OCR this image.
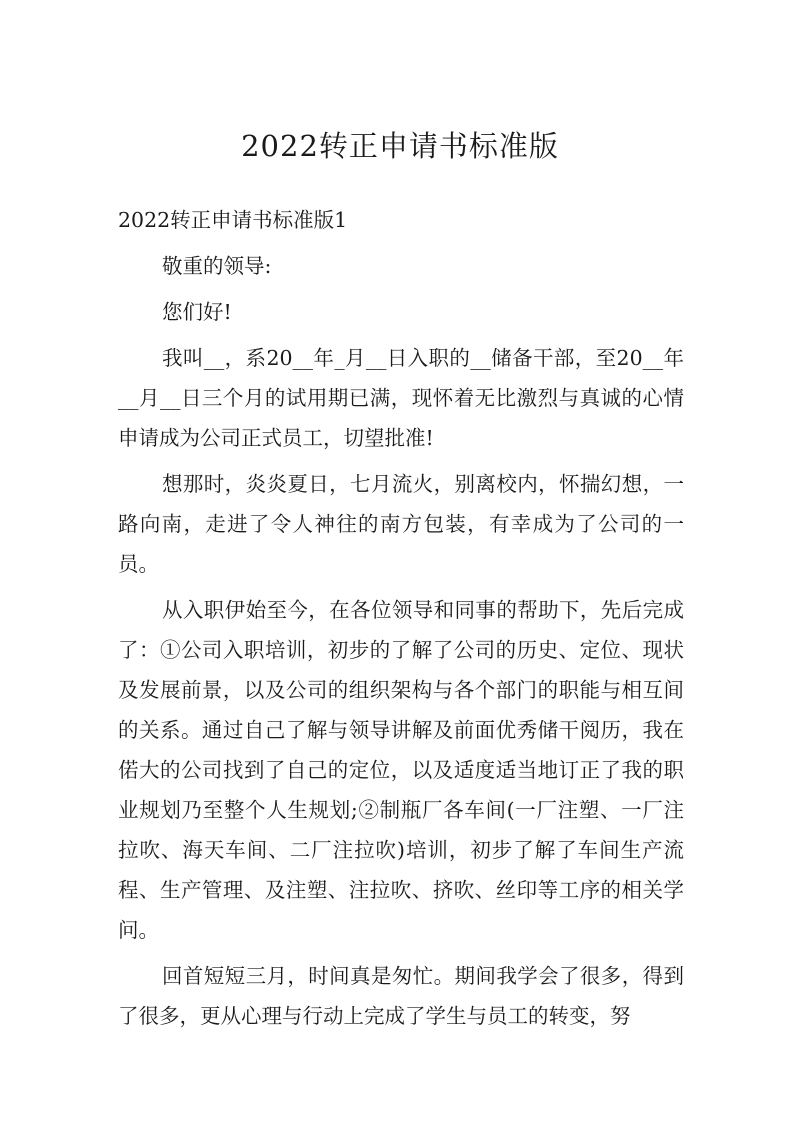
2022转正申请书标准版

2022转正申请书标准版1

敬重的领导:

您们好!

我叫__，系20__年_月__日入职的__储备干部，至20__年__月__日三个月的试用期已满，现怀着无比激烈与真诚的心情申请成为公司正式员工，切望批准!

想那时，炎炎夏日，七月流火，别离校内，怀揣幻想，一路向南，走进了令人神往的南方包装，有幸成为了公司的一员。

从入职伊始至今，在各位领导和同事的帮助下，先后完成了：①公司入职培训，初步的了解了公司的历史、定位、现状及发展前景，以及公司的组织架构与各个部门的职能与相互间的关系。通过自己了解与领导讲解及前面优秀储干阅历，我在偌大的公司找到了自己的定位，以及适度适当地订正了我的职业规划乃至整个人生规划;②制瓶厂各车间(一厂注塑、一厂注拉吹、海天车间、二厂注拉吹)培训，初步了解了车间生产流程、生产管理、及注塑、注拉吹、挤吹、丝印等工序的相关学问。

回首短短三月，时间真是匆忙。期间我学会了很多，得到了很多，更从心理与行动上完成了学生与员工的转变，努
